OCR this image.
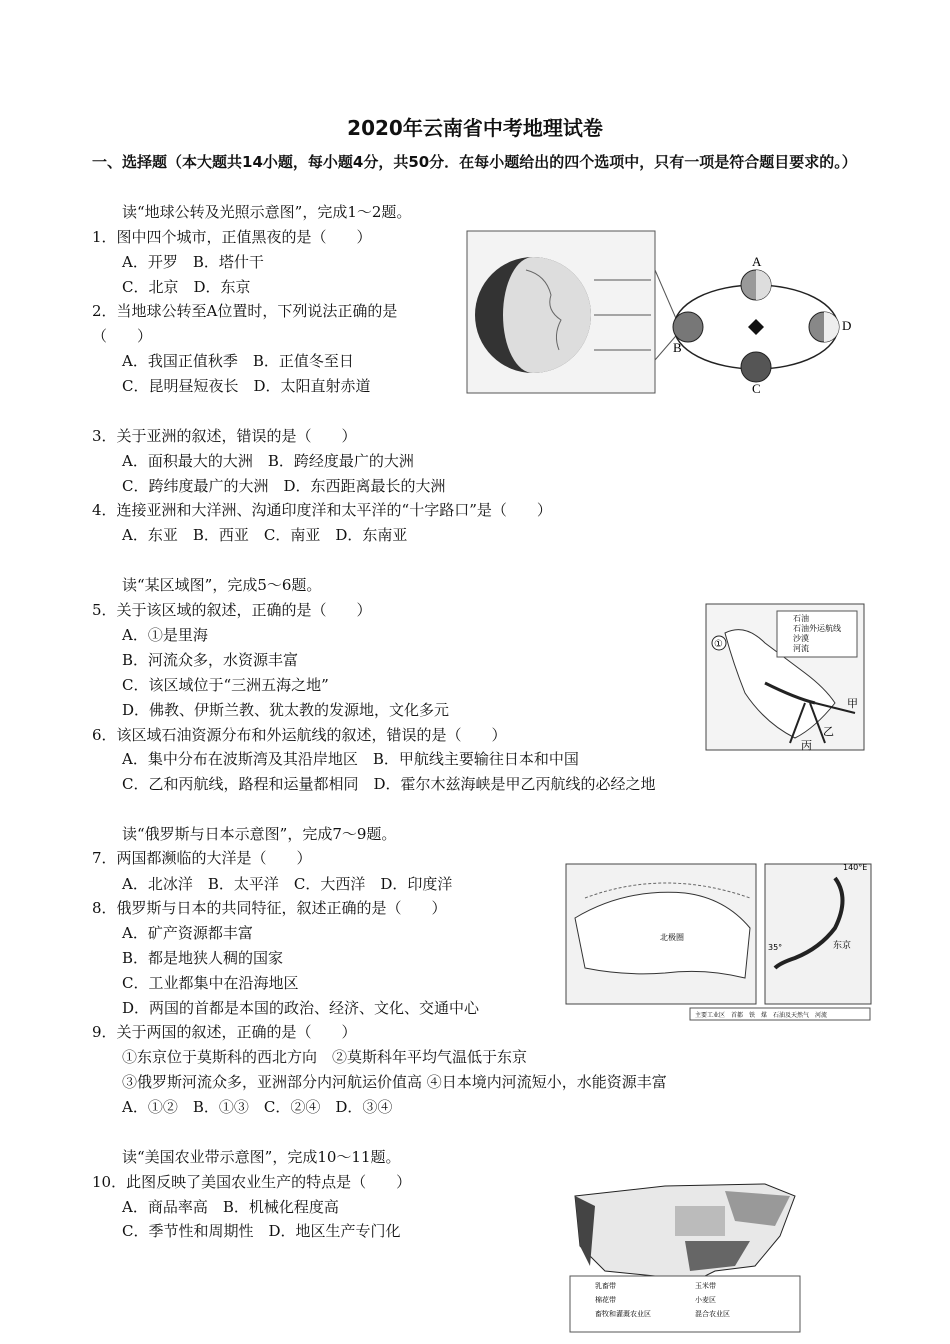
2020年云南省中考地理试卷
一、选择题（本大题共14小题，每小题4分，共50分．在每小题给出的四个选项中，只有一项是符合题目要求的。）
读“地球公转及光照示意图”，完成1～2题。
1．图中四个城市，正值黑夜的是（　　）
A．开罗　B．塔什干
C．北京　D．东京
2．当地球公转至A位置时，下列说法正确的是
（　　）
A．我国正值秋季　B．正值冬至日
C．昆明昼短夜长　D．太阳直射赤道
3．关于亚洲的叙述，错误的是（　　）
A．面积最大的大洲　B．跨经度最广的大洲
C．跨纬度最广的大洲　D．东西距离最长的大洲
4．连接亚洲和大洋洲、沟通印度洋和太平洋的“十字路口”是（　　）
A．东亚　B．西亚　C．南亚　D．东南亚
读“某区域图”，完成5～6题。
5．关于该区域的叙述，正确的是（　　）
A．①是里海
B．河流众多，水资源丰富
C．该区域位于“三洲五海之地”
D．佛教、伊斯兰教、犹太教的发源地，文化多元
6．该区域石油资源分布和外运航线的叙述，错误的是（　　）
A．集中分布在波斯湾及其沿岸地区　B．甲航线主要输往日本和中国
C．乙和丙航线，路程和运量都相同　D．霍尔木兹海峡是甲乙丙航线的必经之地
读“俄罗斯与日本示意图”，完成7～9题。
7．两国都濒临的大洋是（　　）
A．北冰洋　B．太平洋　C．大西洋　D．印度洋
8．俄罗斯与日本的共同特征，叙述正确的是（　　）
A．矿产资源都丰富
B．都是地狭人稠的国家
C．工业都集中在沿海地区
D．两国的首都是本国的政治、经济、文化、交通中心
9．关于两国的叙述，正确的是（　　）
①东京位于莫斯科的西北方向　②莫斯科年平均气温低于东京
③俄罗斯河流众多，亚洲部分内河航运价值高 ④日本境内河流短小，水能资源丰富
A．①②　B．①③　C．②④　D．③④
读“美国农业带示意图”，完成10～11题。
10．此图反映了美国农业生产的特点是（　　）
A．商品率高　B．机械化程度高
C．季节性和周期性　D．地区生产专门化
A
B
C
D
①
石油
石油外运航线
沙漠
河流
甲
乙
丙
北极圈
东京
140°E
35°
主要工业区　首都　铁　煤　石油及天然气　河流
乳畜带	玉米带
棉花带	小麦区
畜牧和灌溉农业区	混合农业区
